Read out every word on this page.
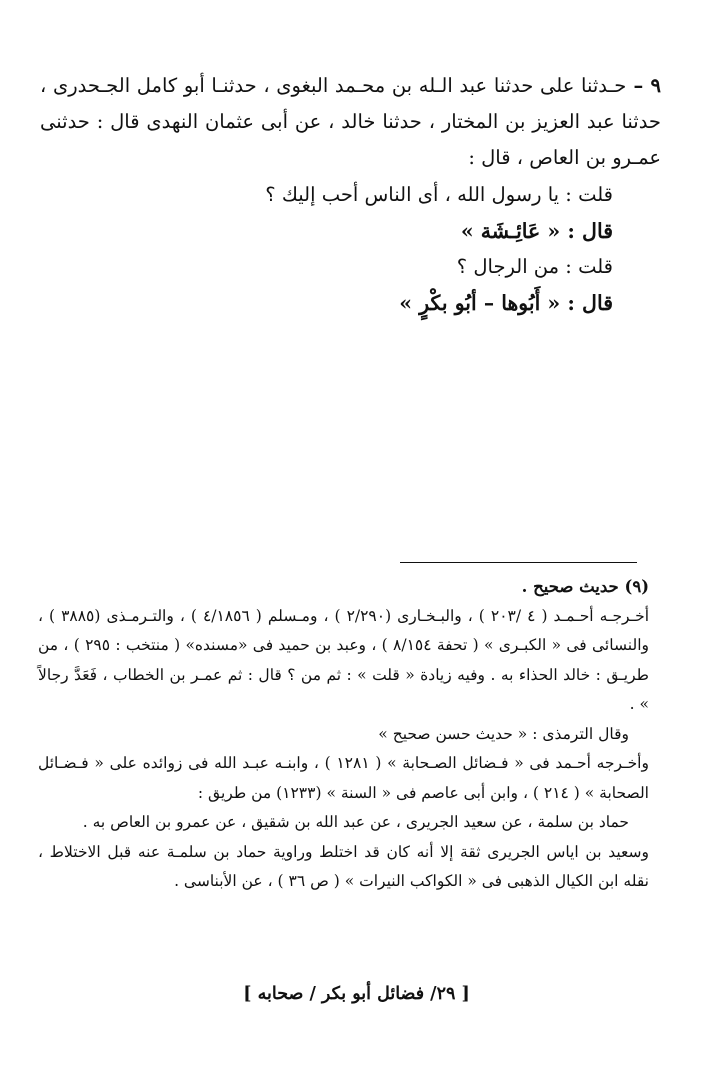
٩ – حـدثنا على حدثنا عبد الـله بن محـمد البغوى ، حدثنـا أبو كامل الجـحدرى ، حدثنا عبد العزيز بن المختار ، حدثنا خالد ، عن أبى عثمان النهدى قال : حدثنى عمـرو بن العاص ، قال :
قلت : يا رسول الله ، أى الناس أحب إليك ؟
قال : « عَائِـشَة »
قلت : من الرجال ؟
قال : « أَبُوها – أبُو بكْرٍ »

(٩) حديث صحيح .

أخـرجـه أحـمـد ( ٤ /٢٠٣ ) ، والبـخـارى (٢/٢٩٠ ) ، ومـسلم ( ٤/١٨٥٦ ) ، والتـرمـذى (٣٨٨٥ ) ، والنسائى فى « الكبـرى » ( تحفة ٨/١٥٤ ) ، وعبد بن حميد فى «مسنده» ( منتخب : ٢٩٥ ) ، من طريـق : خالد الحذاء به . وفيه زيادة « قلت » : ثم من ؟ قال : ثم عمـر بن الخطاب ، فَعَدَّ رجالاً » .

وقال الترمذى : « حديث حسن صحيح »

وأخـرجه أحـمد فى « فـضائل الصـحابة » ( ١٢٨١ ) ، وابنـه عبـد الله فى زوائده على « فـضـائل الصحابة » ( ٢١٤ ) ، وابن أبى عاصم فى « السنة » (١٢٣٣) من طريق :

حماد بن سلمة ، عن سعيد الجريرى ، عن عبد الله بن شقيق ، عن عمرو بن العاص به .

وسعيد بن اياس الجريرى ثقة إلا أنه كان قد اختلط وراوية حماد بن سلمـة عنه قبل الاختلاط ، نقله ابن الكيال الذهبى فى « الكواكب النيرات » ( ص ٣٦ ) ، عن الأبناسى .

[ ٢٩/ فضائل أبو بكر / صحابه ]
